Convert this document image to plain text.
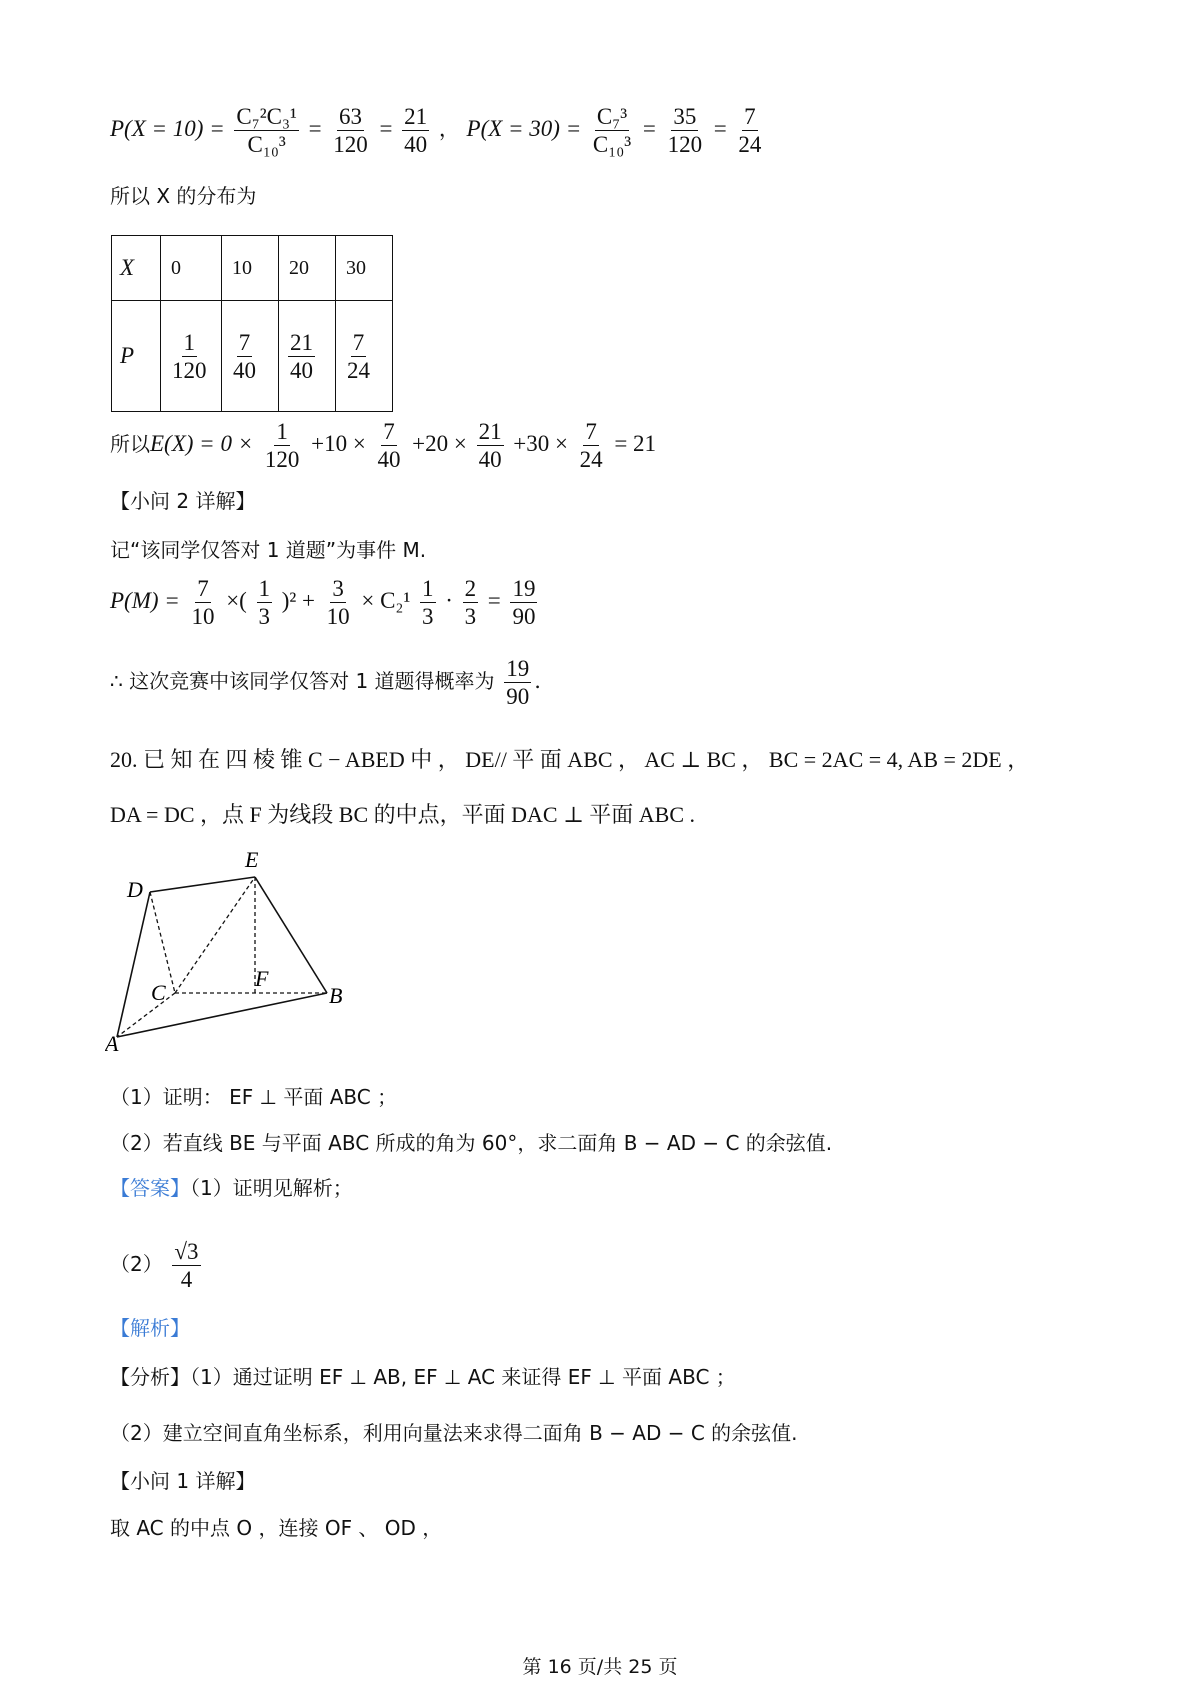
$P(X = 10) = \frac{\text{C₇²C₃¹}}{\text{C₁₀³}} = \frac{63}{120} = \frac{21}{40}$ ， $P(X = 30) = \frac{\text{C₇³}}{\text{C₁₀³}} = \frac{35}{120} = \frac{7}{24}$
所以 X 的分布为
X	0	10	20	30
P	$\frac{1}{120}$	$\frac{7}{40}$	$\frac{21}{40}$	$\frac{7}{24}$
所以$E(X) = 0 \times \frac{1}{120} +10 \times \frac{7}{40} +20 \times \frac{21}{40} +30 \times \frac{7}{24} = 21$
【小问 2 详解】
记“该同学仅答对 1 道题”为事件 M.
$P(M) = \frac{7}{10}$ ×( $\frac{1}{3} )^2 + \frac{3}{10} \times C_2^1 \frac{1}{3} \cdot \frac{2}{3} = \frac{19}{90}$
∴ 这次竞赛中该同学仅答对 1 道题得概率为 $\frac{19}{90}$ .
20. 已 知 在 四 棱 锥 C − ABED 中 ， DE// 平 面 ABC ， AC ⊥ BC ， BC = 2AC = 4, AB = 2DE ，
DA = DC ，点 F 为线段 BC 的中点，平面 DAC ⊥ 平面 ABC .
D
E
C
F
B
A
（1）证明： EF ⊥ 平面 ABC ；
（2）若直线 BE 与平面 ABC 所成的角为 60°，求二面角 B − AD − C 的余弦值.
【答案】（1）证明见解析；
$(2) \frac{√3}{4}$
【解析】
【分析】（1）通过证明 EF ⊥ AB, EF ⊥ AC 来证得 EF ⊥ 平面 ABC ；
（2）建立空间直角坐标系，利用向量法来求得二面角 B − AD − C 的余弦值.
【小问 1 详解】
取 AC 的中点 O ，连接 OF 、 OD ，
第 16 页/共 25 页
